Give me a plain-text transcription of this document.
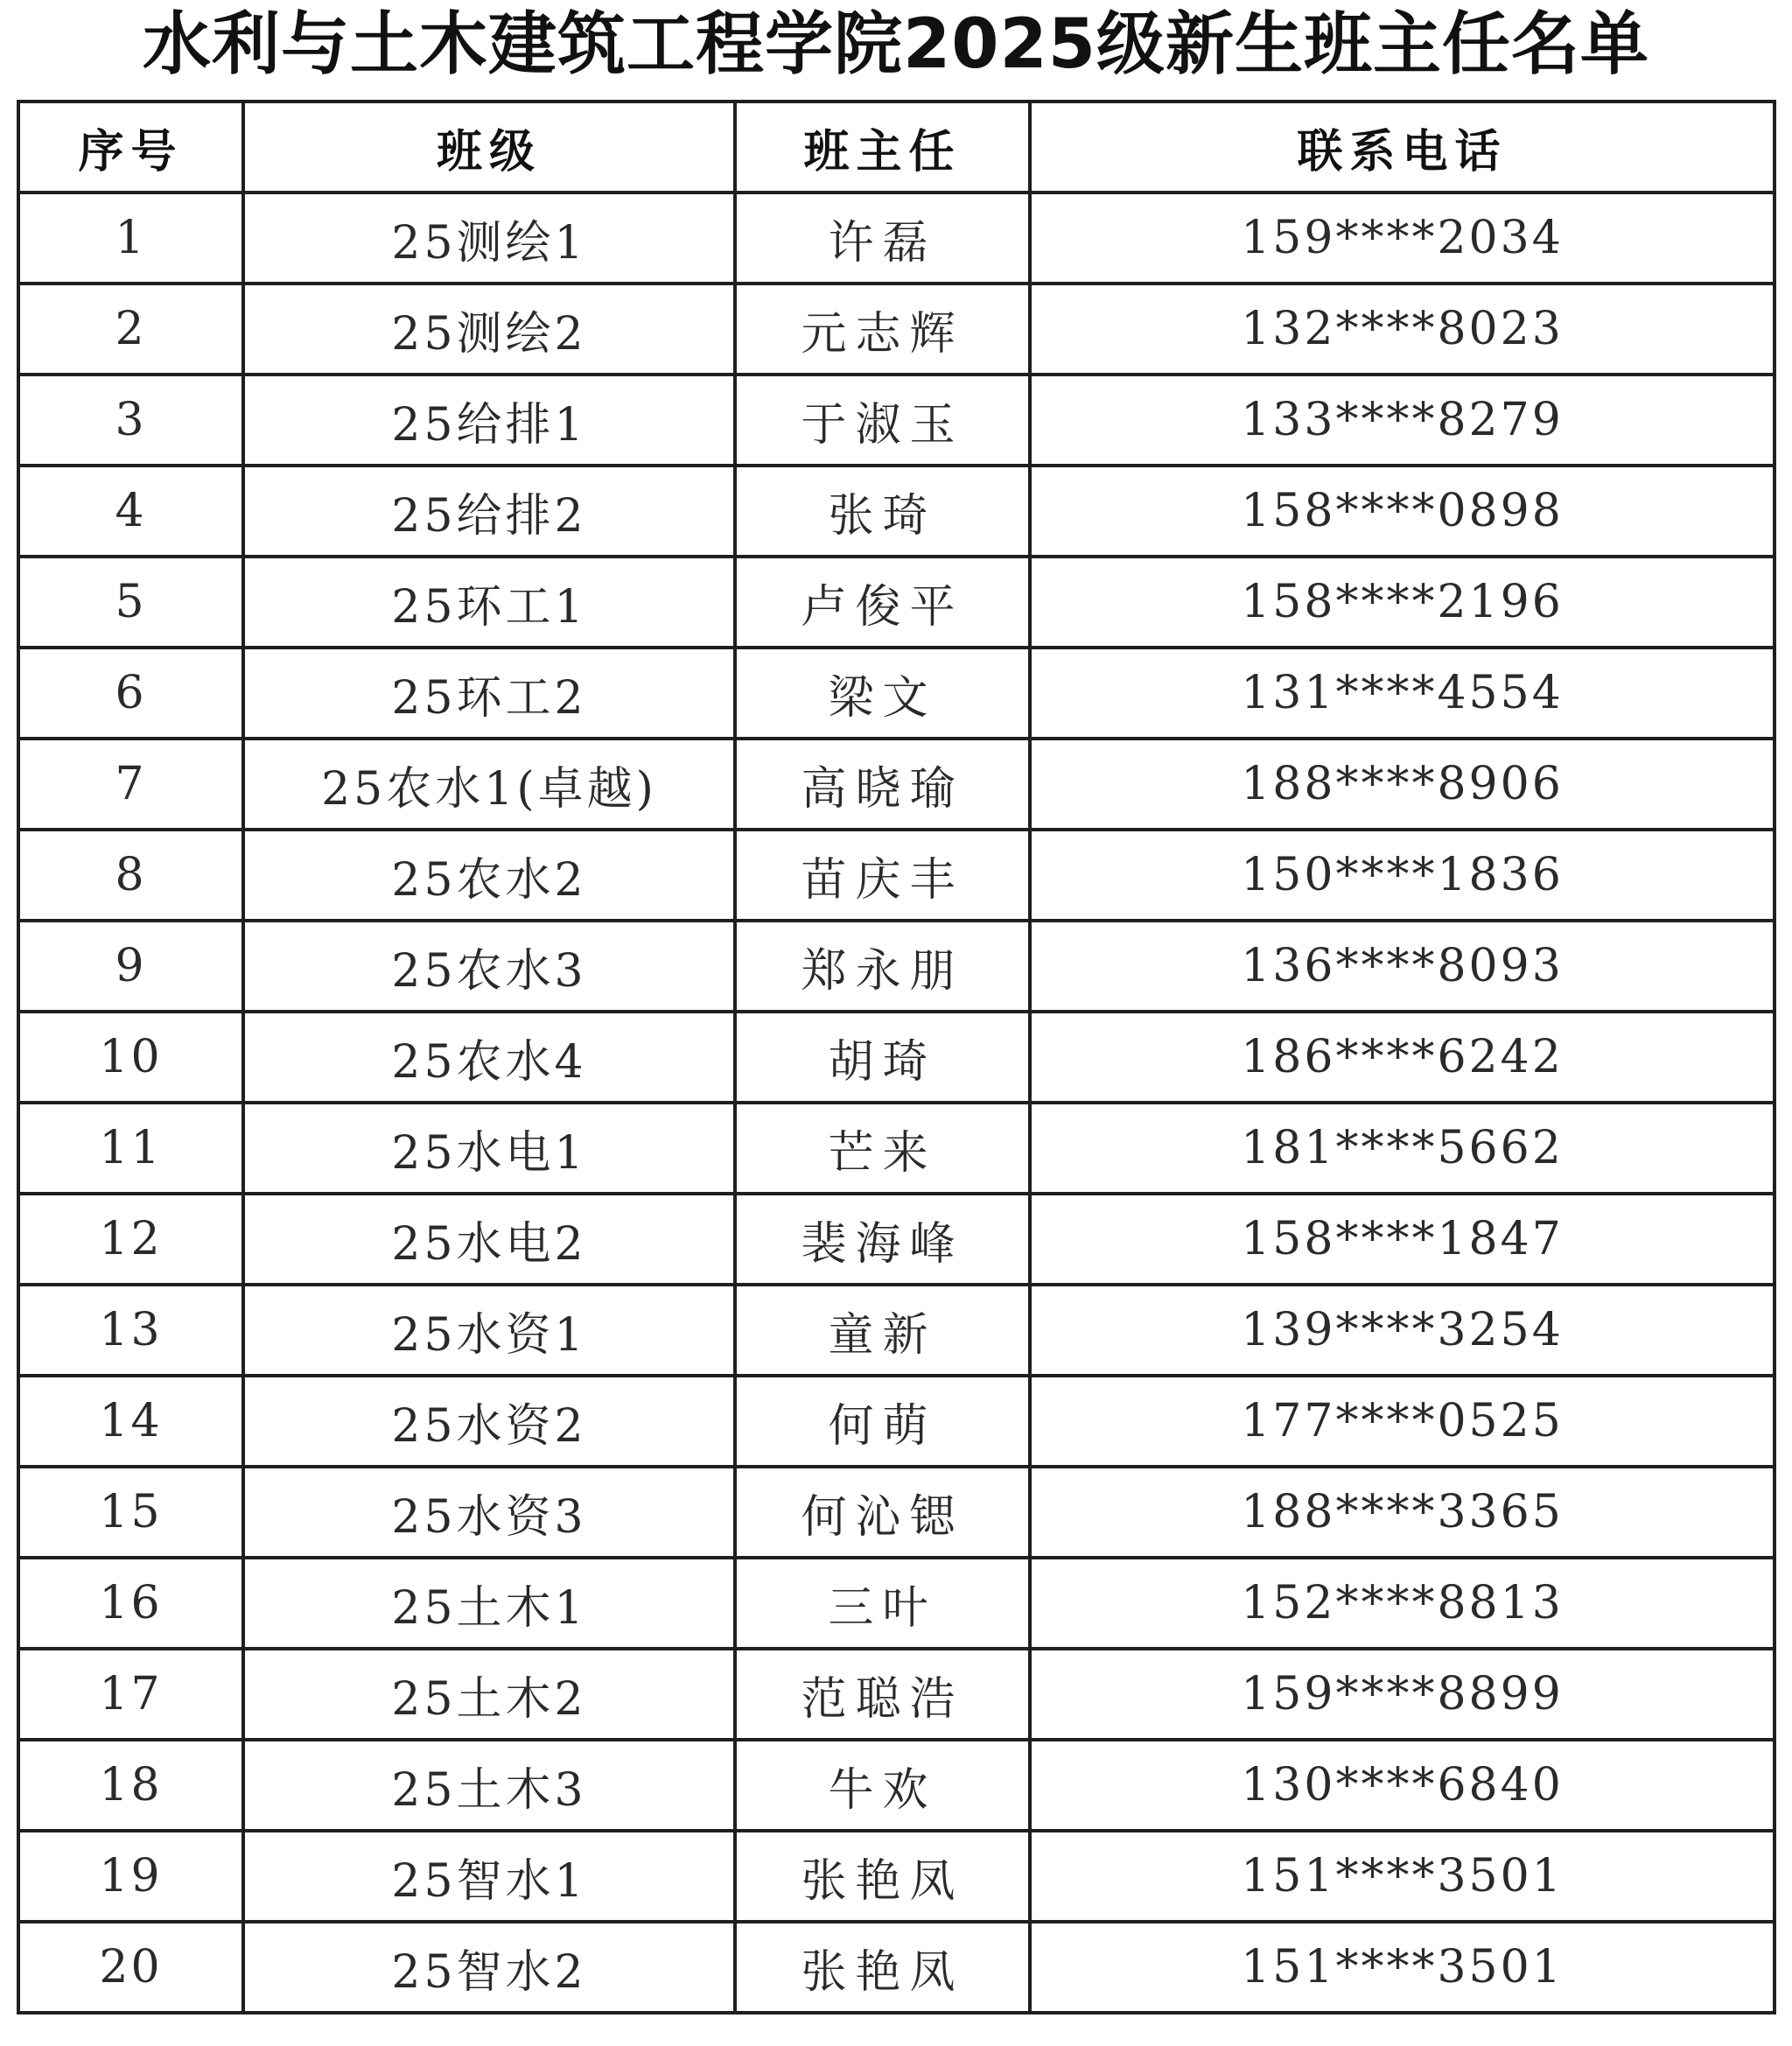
水利与土木建筑工程学院2025级新生班主任名单
序号	班级	班主任	联系电话
1	25测绘1	许磊	159****2034
2	25测绘2	元志辉	132****8023
3	25给排1	于淑玉	133****8279
4	25给排2	张琦	158****0898
5	25环工1	卢俊平	158****2196
6	25环工2	梁文	131****4554
7	25农水1(卓越)	高晓瑜	188****8906
8	25农水2	苗庆丰	150****1836
9	25农水3	郑永朋	136****8093
10	25农水4	胡琦	186****6242
11	25水电1	芒来	181****5662
12	25水电2	裴海峰	158****1847
13	25水资1	童新	139****3254
14	25水资2	何萌	177****0525
15	25水资3	何沁锶	188****3365
16	25土木1	三叶	152****8813
17	25土木2	范聪浩	159****8899
18	25土木3	牛欢	130****6840
19	25智水1	张艳凤	151****3501
20	25智水2	张艳凤	151****3501
